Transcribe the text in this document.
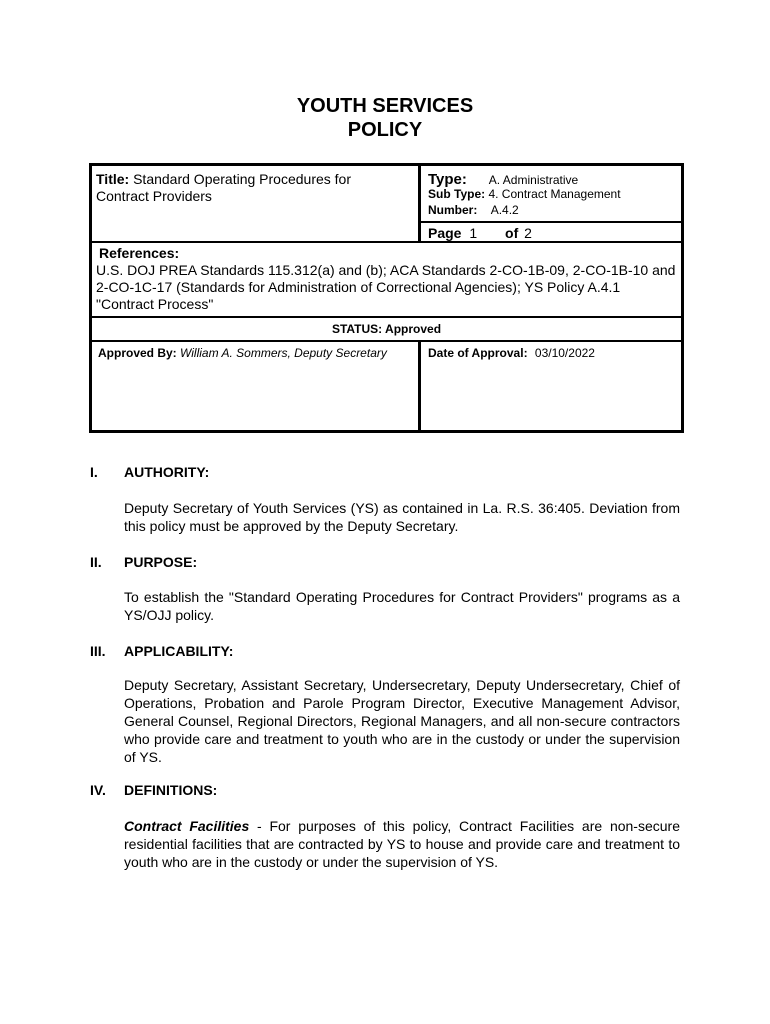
YOUTH SERVICES
POLICY
Title: Standard Operating Procedures for Contract Providers
Type: A. Administrative
Sub Type: 4. Contract Management
Number: A.4.2
Page 1 of 2
References:
U.S. DOJ PREA Standards 115.312(a) and (b); ACA Standards 2-CO-1B-09, 2-CO-1B-10 and 2-CO-1C-17 (Standards for Administration of Correctional Agencies); YS Policy A.4.1 "Contract Process"
STATUS: Approved
Approved By: William A. Sommers, Deputy Secretary	Date of Approval: 03/10/2022
I. AUTHORITY:
Deputy Secretary of Youth Services (YS) as contained in La. R.S. 36:405. Deviation from this policy must be approved by the Deputy Secretary.
II. PURPOSE:
To establish the "Standard Operating Procedures for Contract Providers" programs as a YS/OJJ policy.
III. APPLICABILITY:
Deputy Secretary, Assistant Secretary, Undersecretary, Deputy Undersecretary, Chief of Operations, Probation and Parole Program Director, Executive Management Advisor, General Counsel, Regional Directors, Regional Managers, and all non-secure contractors who provide care and treatment to youth who are in the custody or under the supervision of YS.
IV. DEFINITIONS:
Contract Facilities - For purposes of this policy, Contract Facilities are non-secure residential facilities that are contracted by YS to house and provide care and treatment to youth who are in the custody or under the supervision of YS.
